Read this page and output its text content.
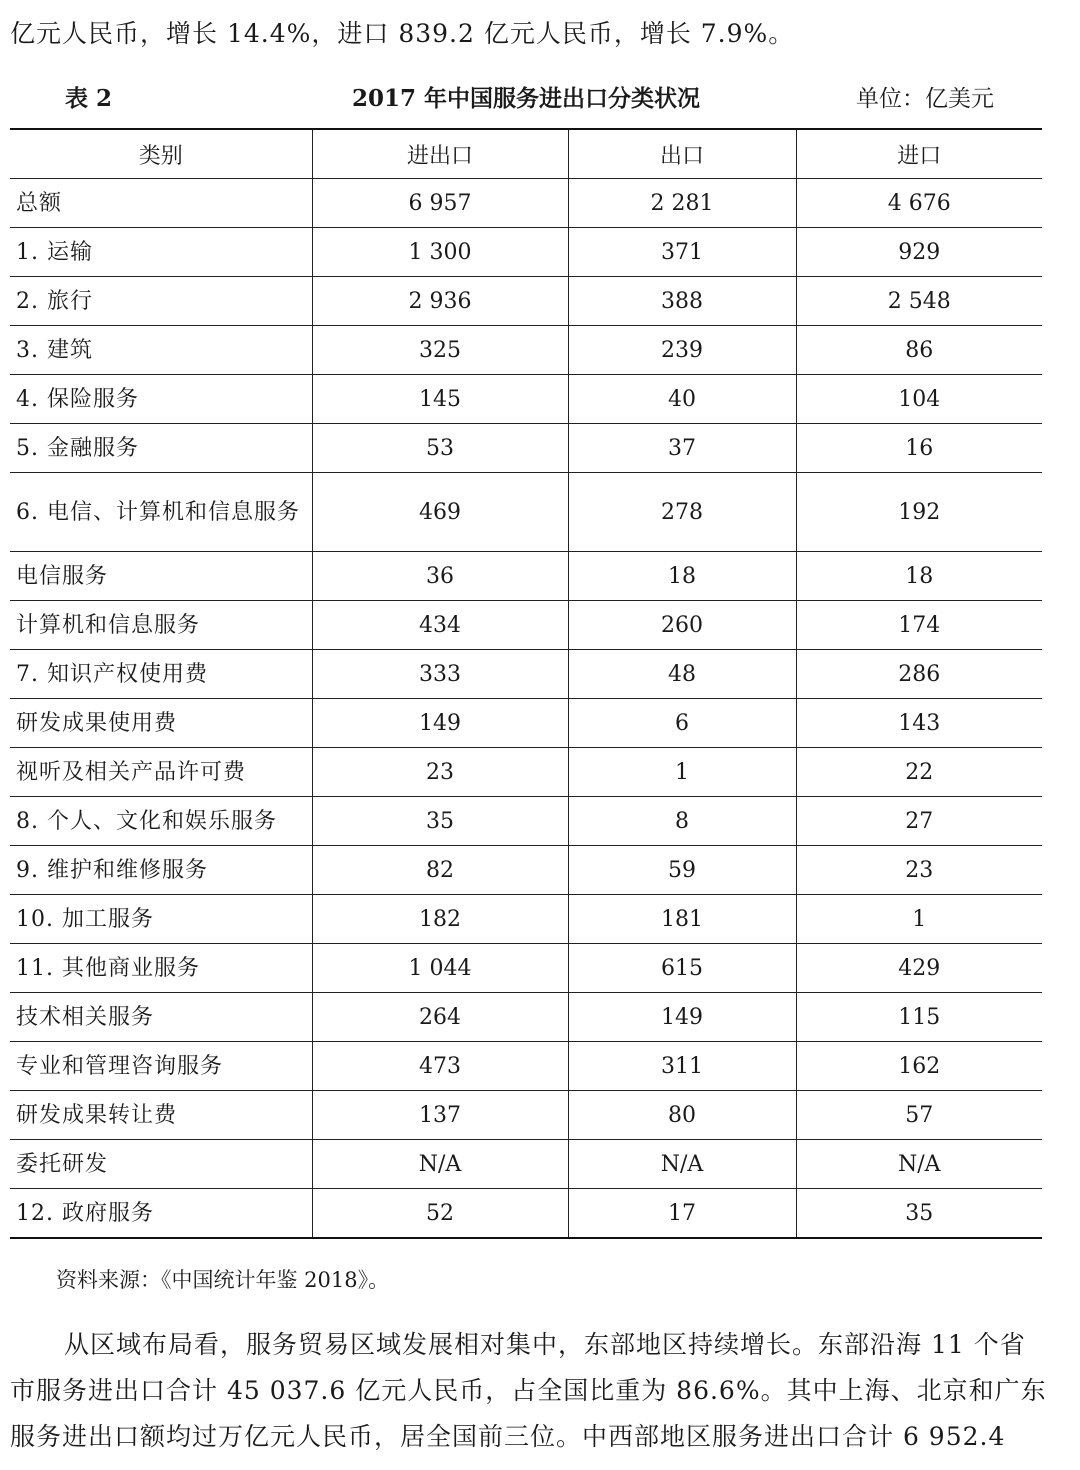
亿元人民币，增长 14.4%，进口 839.2 亿元人民币，增长 7.9%。
2017 年中国服务进出口分类状况
表 2	单位：亿美元
类别	进出口	出口	进口
总额	6 957	2 281	4 676
1. 运输	1 300	371	929
2. 旅行	2 936	388	2 548
3. 建筑	325	239	86
4. 保险服务	145	40	104
5. 金融服务	53	37	16
6. 电信、计算机和信息服务	469	278	192
电信服务	36	18	18
计算机和信息服务	434	260	174
7. 知识产权使用费	333	48	286
研发成果使用费	149	6	143
视听及相关产品许可费	23	1	22
8. 个人、文化和娱乐服务	35	8	27
9. 维护和维修服务	82	59	23
10. 加工服务	182	181	1
11. 其他商业服务	1 044	615	429
技术相关服务	264	149	115
专业和管理咨询服务	473	311	162
研发成果转让费	137	80	57
委托研发	N/A	N/A	N/A
12. 政府服务	52	17	35
资料来源：《中国统计年鉴 2018》。
从区域布局看，服务贸易区域发展相对集中，东部地区持续增长。东部沿海 11 个省
市服务进出口合计 45 037.6 亿元人民币，占全国比重为 86.6%。其中上海、北京和广东
服务进出口额均过万亿元人民币，居全国前三位。中西部地区服务进出口合计 6 952.4
